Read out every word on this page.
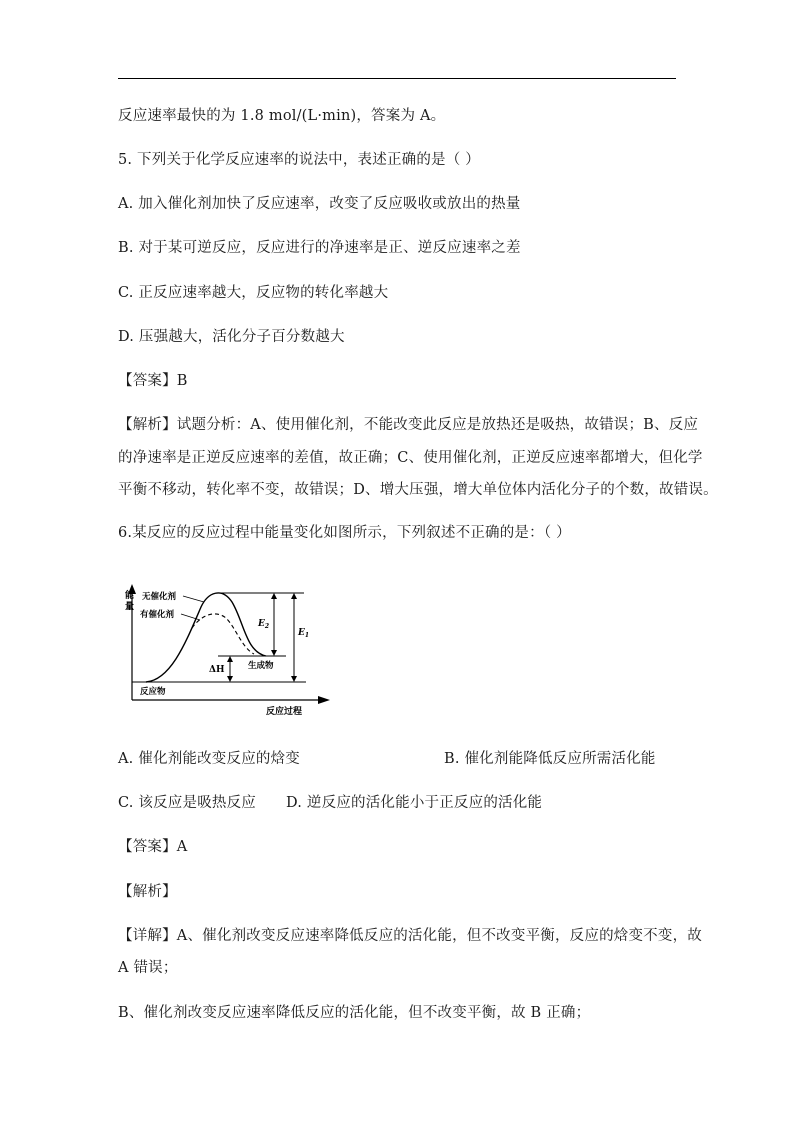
反应速率最快的为 1.8 mol/(L·min)，答案为 A。
5. 下列关于化学反应速率的说法中，表述正确的是（ ）
A. 加入催化剂加快了反应速率，改变了反应吸收或放出的热量
B. 对于某可逆反应，反应进行的净速率是正、逆反应速率之差
C. 正反应速率越大，反应物的转化率越大
D. 压强越大，活化分子百分数越大
【答案】B
【解析】试题分析：A、使用催化剂，不能改变此反应是放热还是吸热，故错误；B、反应
的净速率是正逆反应速率的差值，故正确；C、使用催化剂，正逆反应速率都增大，但化学
平衡不移动，转化率不变，故错误；D、增大压强，增大单位体内活化分子的个数，故错误。
6.某反应的反应过程中能量变化如图所示，下列叙述不正确的是：（ ）
能
量
无催化剂
有催化剂
$E_2$
$E_1$
ΔH	生成物
反应物
反应过程
A. 催化剂能改变反应的焓变	B. 催化剂能降低反应所需活化能
C. 该反应是吸热反应 D. 逆反应的活化能小于正反应的活化能
【答案】A
【解析】
【详解】A、催化剂改变反应速率降低反应的活化能，但不改变平衡，反应的焓变不变，故
A 错误；
B、催化剂改变反应速率降低反应的活化能，但不改变平衡，故 B 正确；
